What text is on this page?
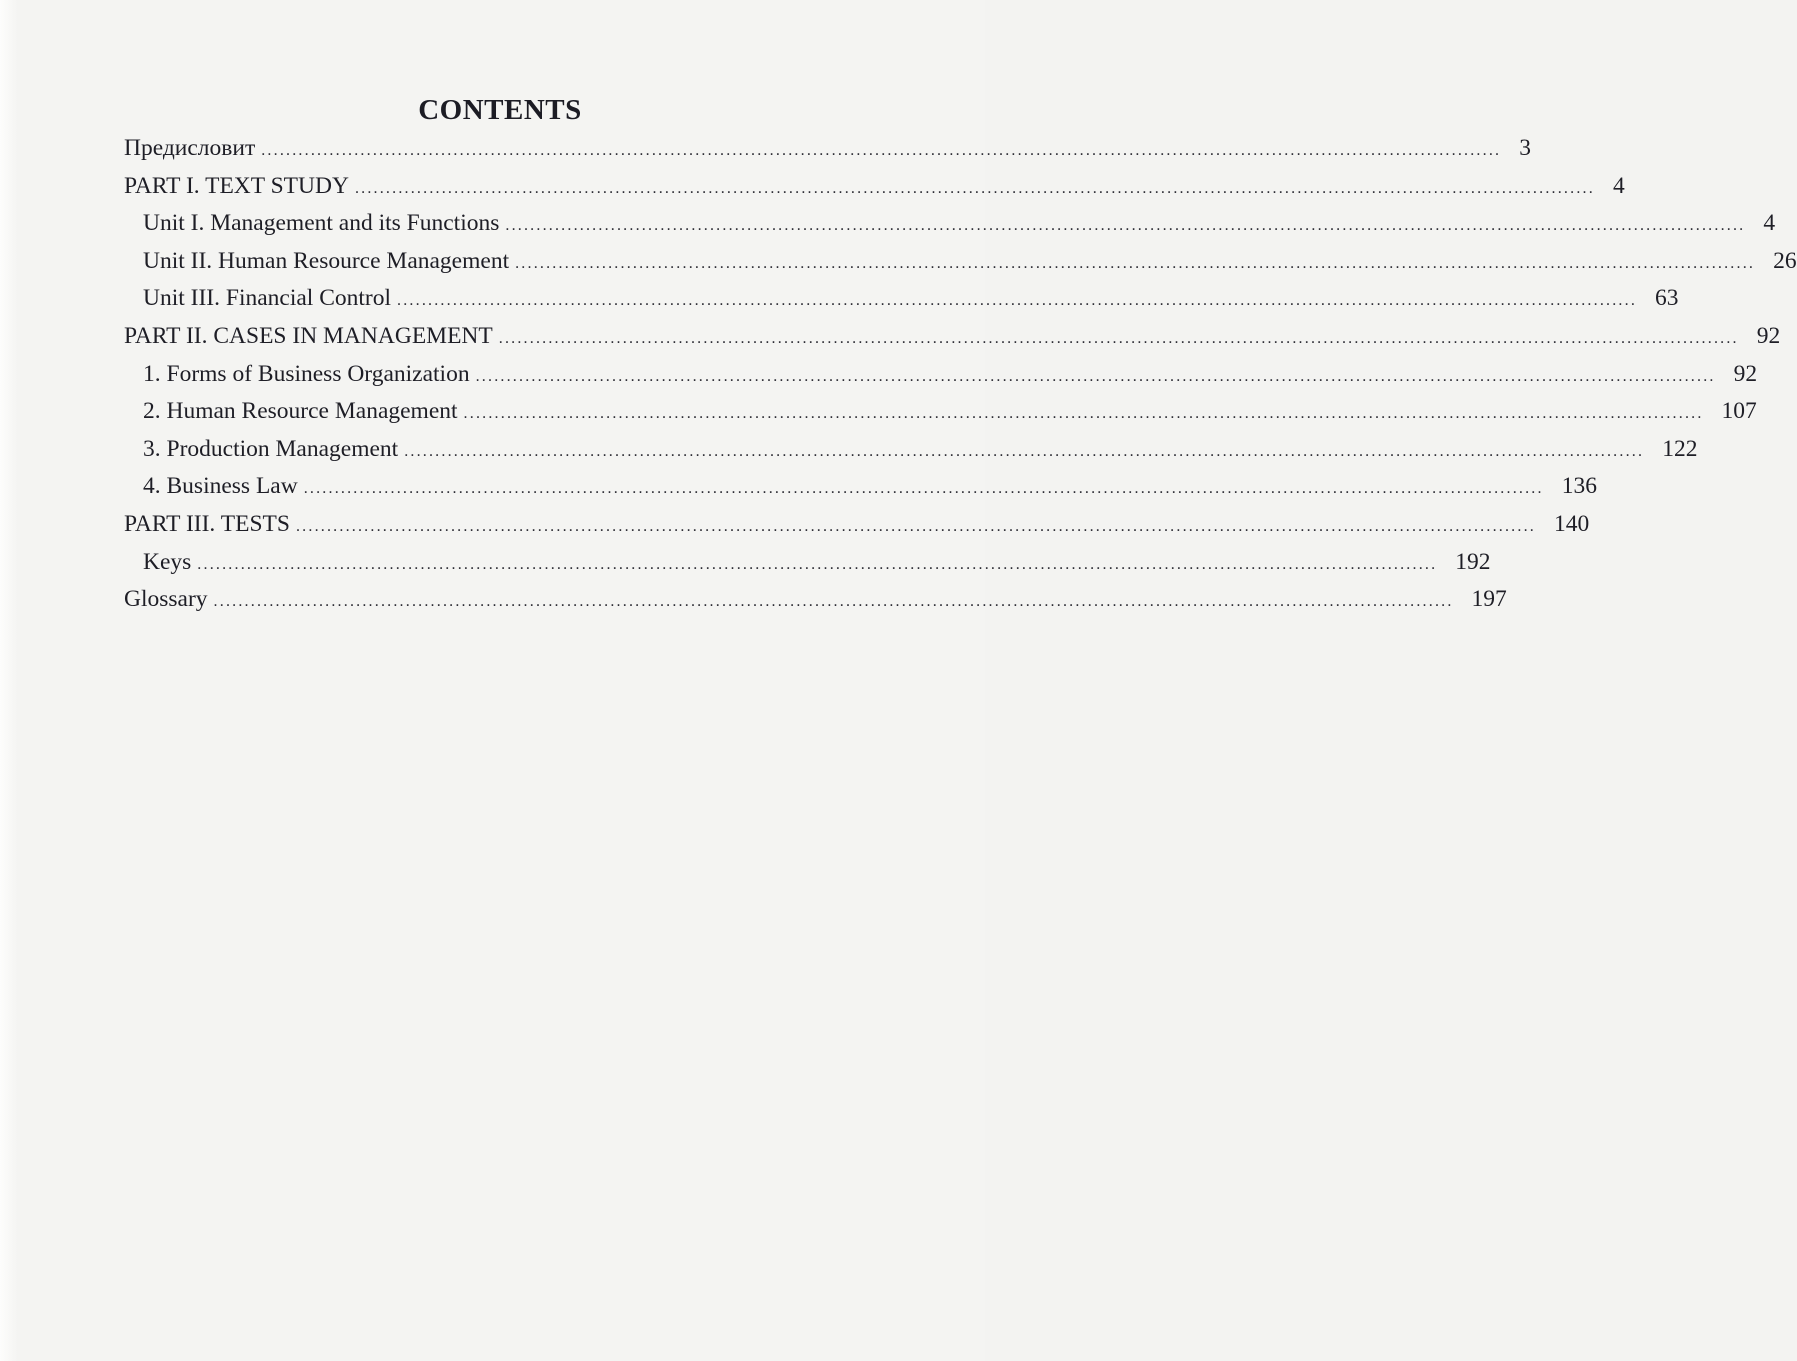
CONTENTS
Предисловит ........................................................................................................................................................................................................ 3
PART I. TEXT STUDY ........................................................................................................................................................................................................ 4
Unit I. Management and its Functions ........................................................................................................................................................................................................ 4
Unit II. Human Resource Management ........................................................................................................................................................................................................ 26
Unit III. Financial Control ........................................................................................................................................................................................................ 63
PART II. CASES IN MANAGEMENT ........................................................................................................................................................................................................ 92
1. Forms of Business Organization ........................................................................................................................................................................................................ 92
2. Human Resource Management ........................................................................................................................................................................................................ 107
3. Production Management ........................................................................................................................................................................................................ 122
4. Business Law ........................................................................................................................................................................................................ 136
PART III. TESTS ........................................................................................................................................................................................................ 140
Keys ........................................................................................................................................................................................................ 192
Glossary ........................................................................................................................................................................................................ 197
